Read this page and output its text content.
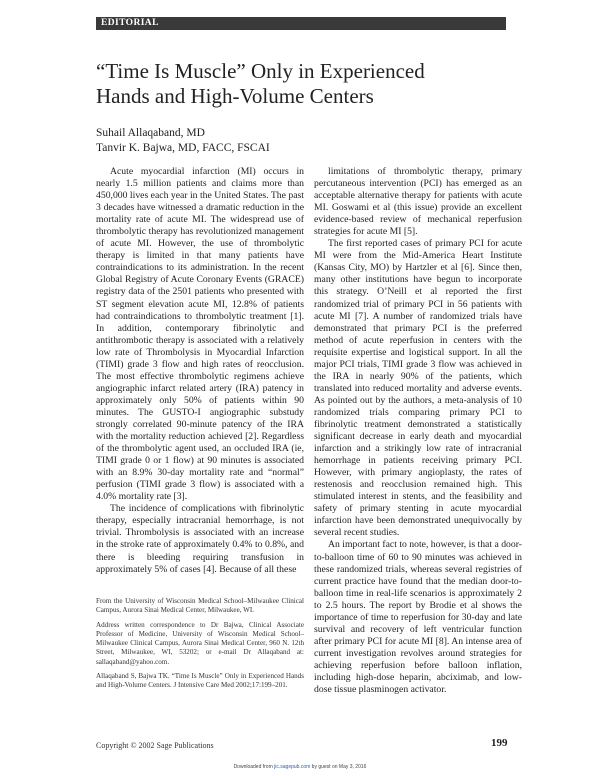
EDITORIAL
“Time Is Muscle” Only in Experienced
Hands and High-Volume Centers
Suhail Allaqaband, MD
Tanvir K. Bajwa, MD, FACC, FSCAI

Acute myocardial infarction (MI) occurs in nearly 1.5 million patients and claims more than 450,000 lives each year in the United States. The past 3 decades have witnessed a dramatic reduction in the mortality rate of acute MI. The widespread use of thrombolytic therapy has revolutionized management of acute MI. However, the use of thrombolytic therapy is limited in that many patients have contraindications to its administration. In the recent Global Registry of Acute Coronary Events (GRACE) registry data of the 2501 patients who presented with ST segment elevation acute MI, 12.8% of patients had contraindications to thrombolytic treatment [1]. In addition, contemporary fibrinolytic and antithrombotic therapy is associated with a relatively low rate of Thrombolysis in Myocardial Infarction (TIMI) grade 3 flow and high rates of reocclusion. The most effective thrombolytic regimens achieve angiographic infarct related artery (IRA) patency in approximately only 50% of patients within 90 minutes. The GUSTO-I angiographic substudy strongly correlated 90-minute patency of the IRA with the mortality reduction achieved [2]. Regardless of the thrombolytic agent used, an occluded IRA (ie, TIMI grade 0 or 1 flow) at 90 minutes is associated with an 8.9% 30-day mortality rate and “normal” perfusion (TIMI grade 3 flow) is associated with a 4.0% mortality rate [3].

The incidence of complications with fibrinolytic therapy, especially intracranial hemorrhage, is not trivial. Thrombolysis is associated with an increase in the stroke rate of approximately 0.4% to 0.8%, and there is bleeding requiring transfusion in approximately 5% of cases [4]. Because of all these

limitations of thrombolytic therapy, primary percutaneous intervention (PCI) has emerged as an acceptable alternative therapy for patients with acute MI. Goswami et al (this issue) provide an excellent evidence-based review of mechanical reperfusion strategies for acute MI [5].

The first reported cases of primary PCI for acute MI were from the Mid-America Heart Institute (Kansas City, MO) by Hartzler et al [6]. Since then, many other institutions have begun to incorporate this strategy. O’Neill et al reported the first randomized trial of primary PCI in 56 patients with acute MI [7]. A number of randomized trials have demonstrated that primary PCI is the preferred method of acute reperfusion in centers with the requisite expertise and logistical support. In all the major PCI trials, TIMI grade 3 flow was achieved in the IRA in nearly 90% of the patients, which translated into reduced mortality and adverse events. As pointed out by the authors, a meta-analysis of 10 randomized trials comparing primary PCI to fibrinolytic treatment demonstrated a statistically significant decrease in early death and myocardial infarction and a strikingly low rate of intracranial hemorrhage in patients receiving primary PCI. However, with primary angioplasty, the rates of restenosis and reocclusion remained high. This stimulated interest in stents, and the feasibility and safety of primary stenting in acute myocardial infarction have been demonstrated unequivocally by several recent studies.

An important fact to note, however, is that a door-to-balloon time of 60 to 90 minutes was achieved in these randomized trials, whereas several registries of current practice have found that the median door-to-balloon time in real-life scenarios is approximately 2 to 2.5 hours. The report by Brodie et al shows the importance of time to reperfusion for 30-day and late survival and recovery of left ventricular function after primary PCI for acute MI [8]. An intense area of current investigation revolves around strategies for achieving reperfusion before balloon inflation, including high-dose heparin, abciximab, and low-dose tissue plasminogen activator.

From the University of Wisconsin Medical School–Milwaukee Clinical Campus, Aurora Sinai Medical Center, Milwaukee, WI.

Address written correspondence to Dr Bajwa, Clinical Associate Professor of Medicine, University of Wisconsin Medical School–Milwaukee Clinical Campus, Aurora Sinai Medical Center, 960 N. 12th Street, Milwaukee, WI, 53202; or e-mail Dr Allaqaband at: sallaqaband@yahoo.com.

Allaqaband S, Bajwa TK. “Time Is Muscle” Only in Experienced Hands and High-Volume Centers. J Intensive Care Med 2002;17:199–201.

Copyright © 2002 Sage Publications	199
Downloaded from jic.sagepub.com by guest on May 3, 2016
